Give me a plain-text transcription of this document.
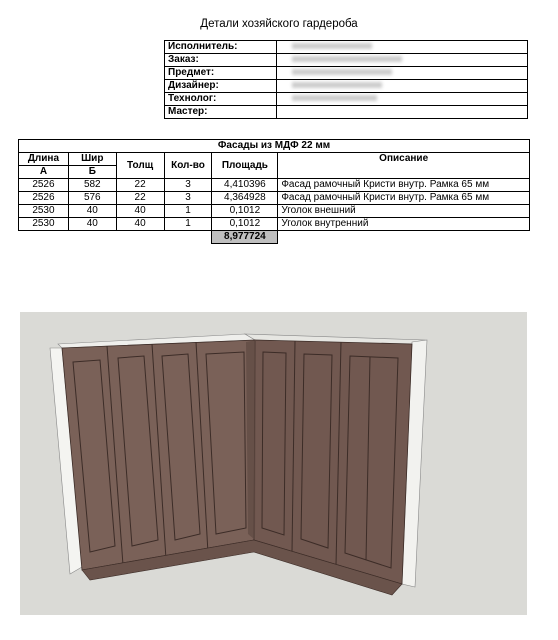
Детали хозяйского гардероба
Исполнитель:	
Заказ:	
Предмет:	
Дизайнер:	
Технолог:	
Мастер:	
Фасады из МДФ 22 мм					
Длина	Шир	Толщ	Кол-во	Площадь	Описание
А	Б				
2526	582	22	3	4,410396	Фасад рамочный Кристи внутр. Рамка 65 мм
2526	576	22	3	4,364928	Фасад рамочный Кристи внутр. Рамка 65 мм
2530	40	40	1	0,1012	Уголок внешний
2530	40	40	1	0,1012	Уголок внутренний
				8,977724	
